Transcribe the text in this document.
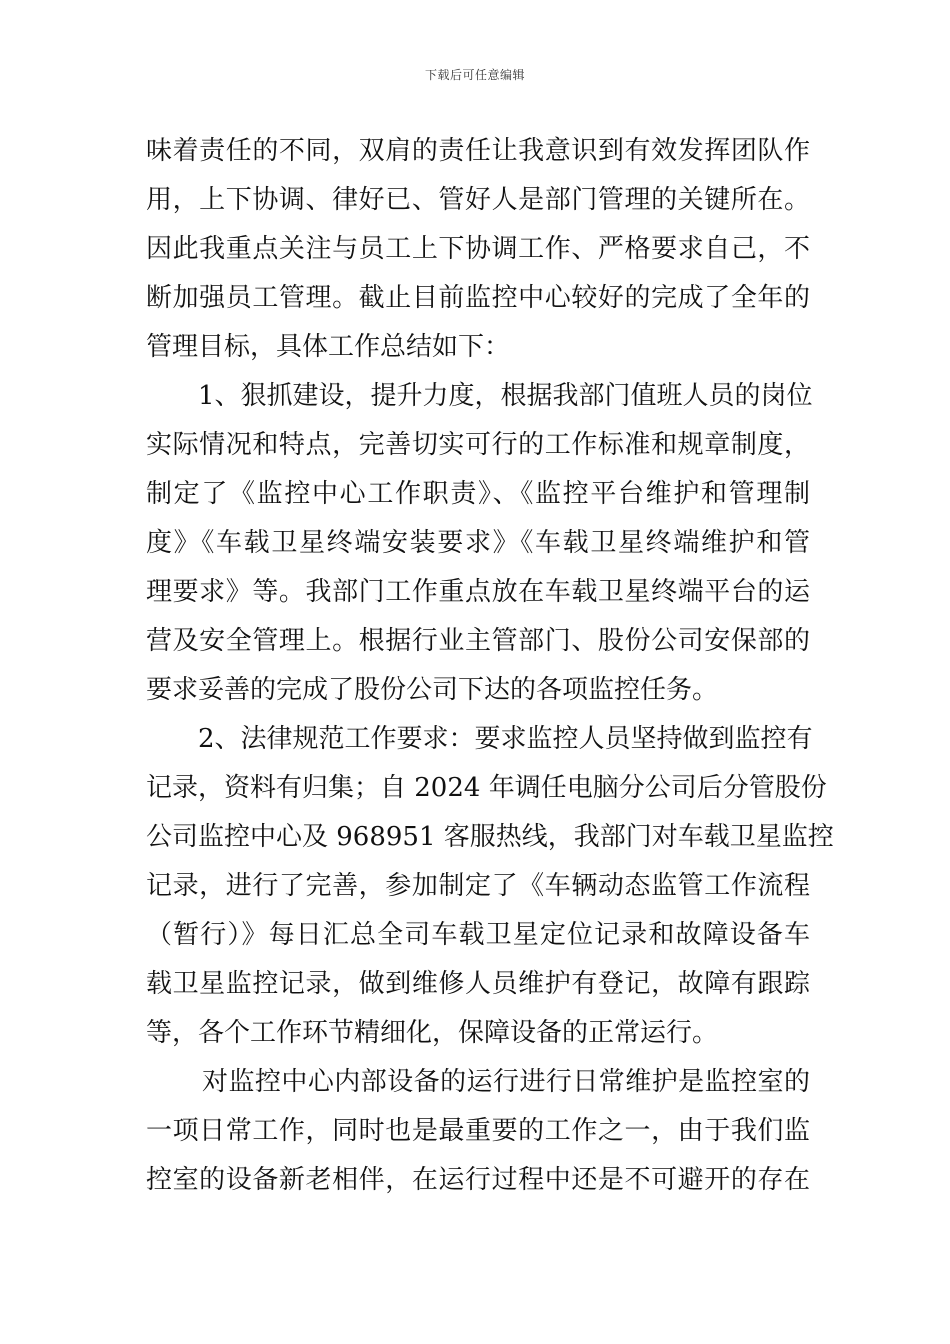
下载后可任意编辑
味着责任的不同，双肩的责任让我意识到有效发挥团队作
用，上下协调、律好已、管好人是部门管理的关键所在。
因此我重点关注与员工上下协调工作、严格要求自己，不
断加强员工管理。截止目前监控中心较好的完成了全年的
管理目标，具体工作总结如下：
1、狠抓建设，提升力度，根据我部门值班人员的岗位
实际情况和特点，完善切实可行的工作标准和规章制度，
制定了《监控中心工作职责》、《监控平台维护和管理制
度》《车载卫星终端安装要求》《车载卫星终端维护和管
理要求》等。我部门工作重点放在车载卫星终端平台的运
营及安全管理上。根据行业主管部门、股份公司安保部的
要求妥善的完成了股份公司下达的各项监控任务。
2、法律规范工作要求：要求监控人员坚持做到监控有
记录，资料有归集；自 2024 年调任电脑分公司后分管股份
公司监控中心及 968951 客服热线，我部门对车载卫星监控
记录，进行了完善，参加制定了《车辆动态监管工作流程
（暂行）》每日汇总全司车载卫星定位记录和故障设备车
载卫星监控记录，做到维修人员维护有登记，故障有跟踪
等，各个工作环节精细化，保障设备的正常运行。
对监控中心内部设备的运行进行日常维护是监控室的
一项日常工作，同时也是最重要的工作之一，由于我们监
控室的设备新老相伴，在运行过程中还是不可避开的存在
